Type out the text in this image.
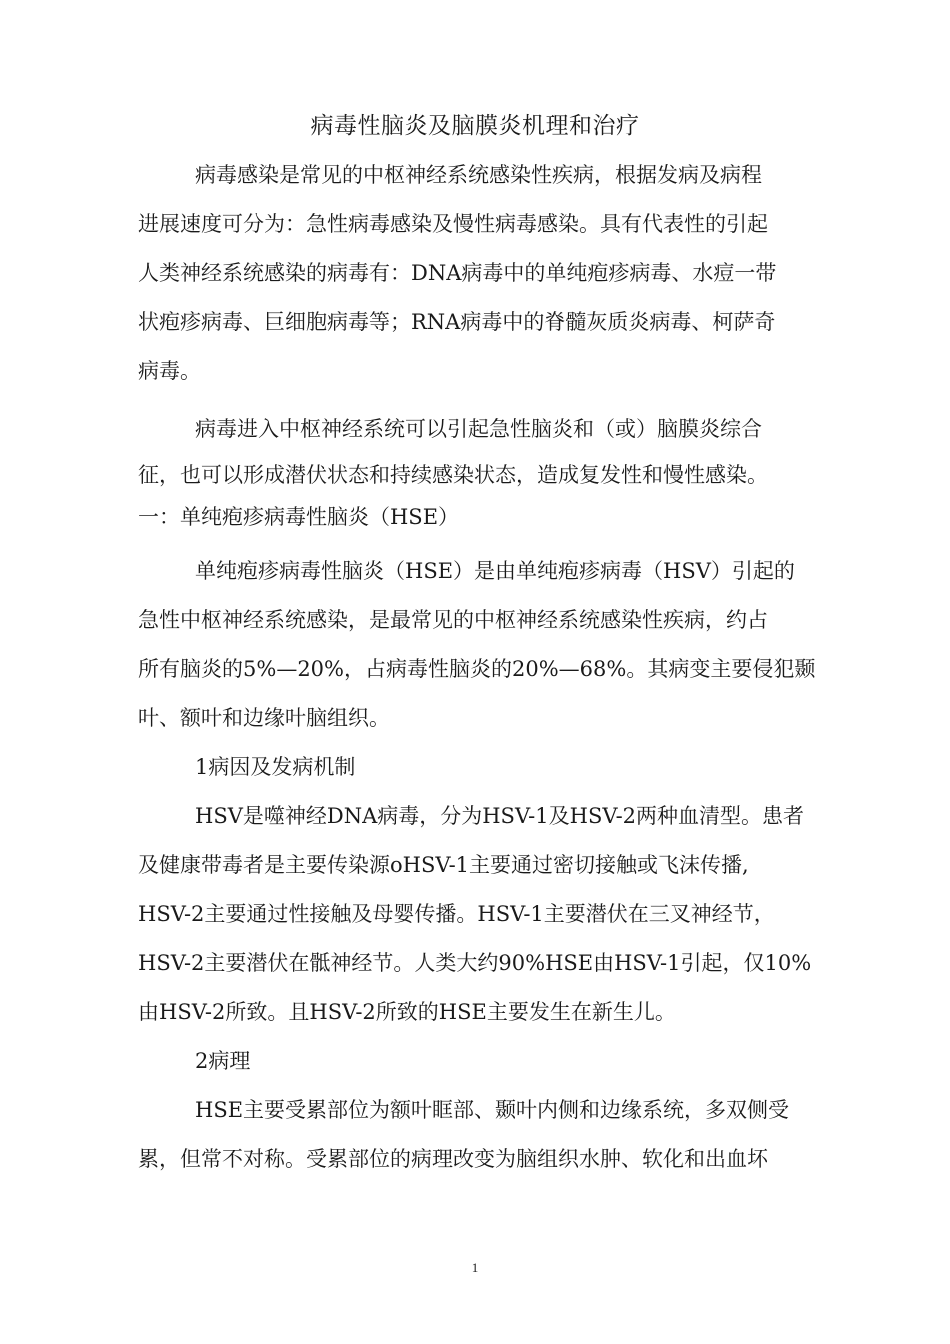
病毒性脑炎及脑膜炎机理和治疗
病毒感染是常见的中枢神经系统感染性疾病，根据发病及病程
进展速度可分为：急性病毒感染及慢性病毒感染。具有代表性的引起
人类神经系统感染的病毒有：DNA病毒中的单纯疱疹病毒、水痘一带
状疱疹病毒、巨细胞病毒等；RNA病毒中的脊髓灰质炎病毒、柯萨奇
病毒。
病毒进入中枢神经系统可以引起急性脑炎和（或）脑膜炎综合
征，也可以形成潜伏状态和持续感染状态，造成复发性和慢性感染。
一：单纯疱疹病毒性脑炎（HSE）
单纯疱疹病毒性脑炎（HSE）是由单纯疱疹病毒（HSV）引起的
急性中枢神经系统感染，是最常见的中枢神经系统感染性疾病，约占
所有脑炎的5%—20%，占病毒性脑炎的20%—68%。其病变主要侵犯颞
叶、额叶和边缘叶脑组织。
1病因及发病机制
HSV是噬神经DNA病毒，分为HSV-1及HSV-2两种血清型。患者
及健康带毒者是主要传染源oHSV-1主要通过密切接触或飞沫传播,
HSV-2主要通过性接触及母婴传播。HSV-1主要潜伏在三叉神经节，
HSV-2主要潜伏在骶神经节。人类大约90%HSE由HSV-1引起，仅10%
由HSV-2所致。且HSV-2所致的HSE主要发生在新生儿。
2病理
HSE主要受累部位为额叶眶部、颞叶内侧和边缘系统，多双侧受
累，但常不对称。受累部位的病理改变为脑组织水肿、软化和出血坏
1
